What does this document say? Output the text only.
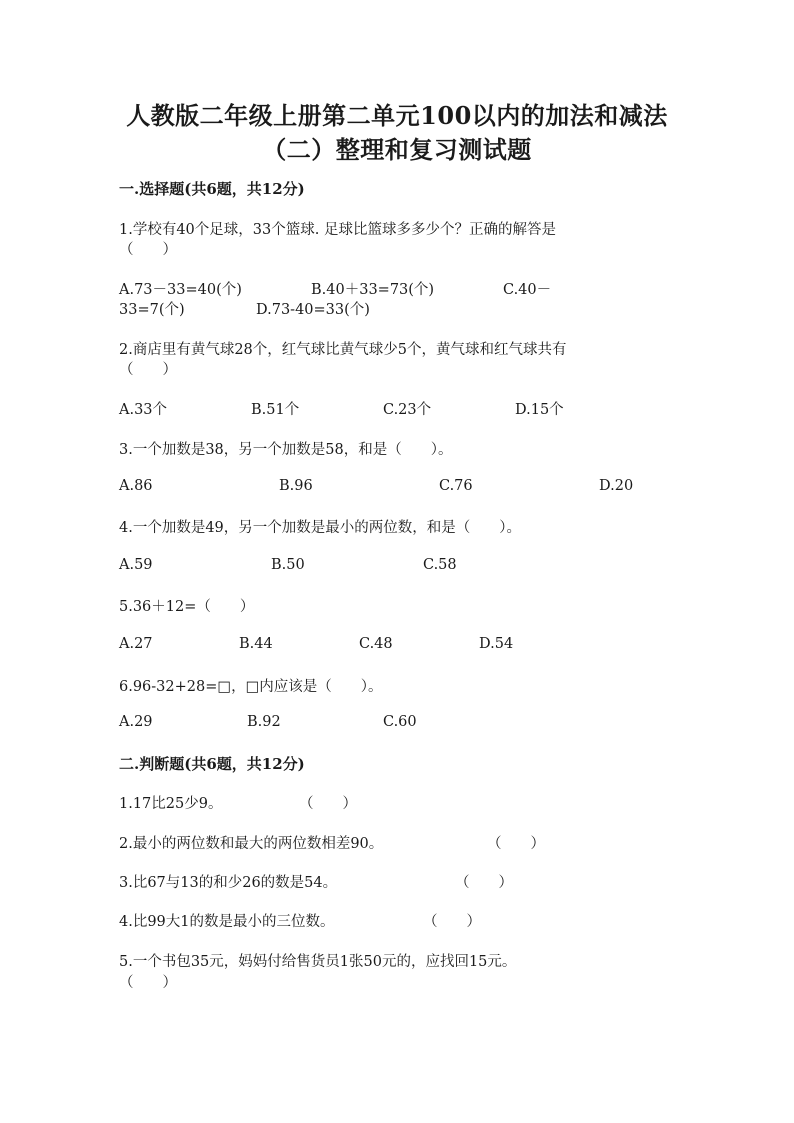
人教版二年级上册第二单元100以内的加法和减法
（二）整理和复习测试题
一.选择题(共6题，共12分)
1.学校有40个足球，33个篮球. 足球比篮球多多少个？正确的解答是
（　　）
A.73－33=40(个)	B.40＋33=73(个)	C.40－
33=7(个)	D.73-40=33(个)
2.商店里有黄气球28个，红气球比黄气球少5个，黄气球和红气球共有
（　　）
A.33个	B.51个	C.23个	D.15个
3.一个加数是38，另一个加数是58，和是（　　）。
A.86	B.96	C.76	D.20
4.一个加数是49，另一个加数是最小的两位数，和是（　　）。
A.59	B.50	C.58
5.36＋12=（　　）
A.27	B.44	C.48	D.54
6.96-32+28=□，□内应该是（　　）。
A.29	B.92	C.60
二.判断题(共6题，共12分)
1.17比25少9。	（　　）
2.最小的两位数和最大的两位数相差90。	（　　）
3.比67与13的和少26的数是54。	（　　）
4.比99大1的数是最小的三位数。	（　　）
5.一个书包35元，妈妈付给售货员1张50元的，应找回15元。
（　　）
